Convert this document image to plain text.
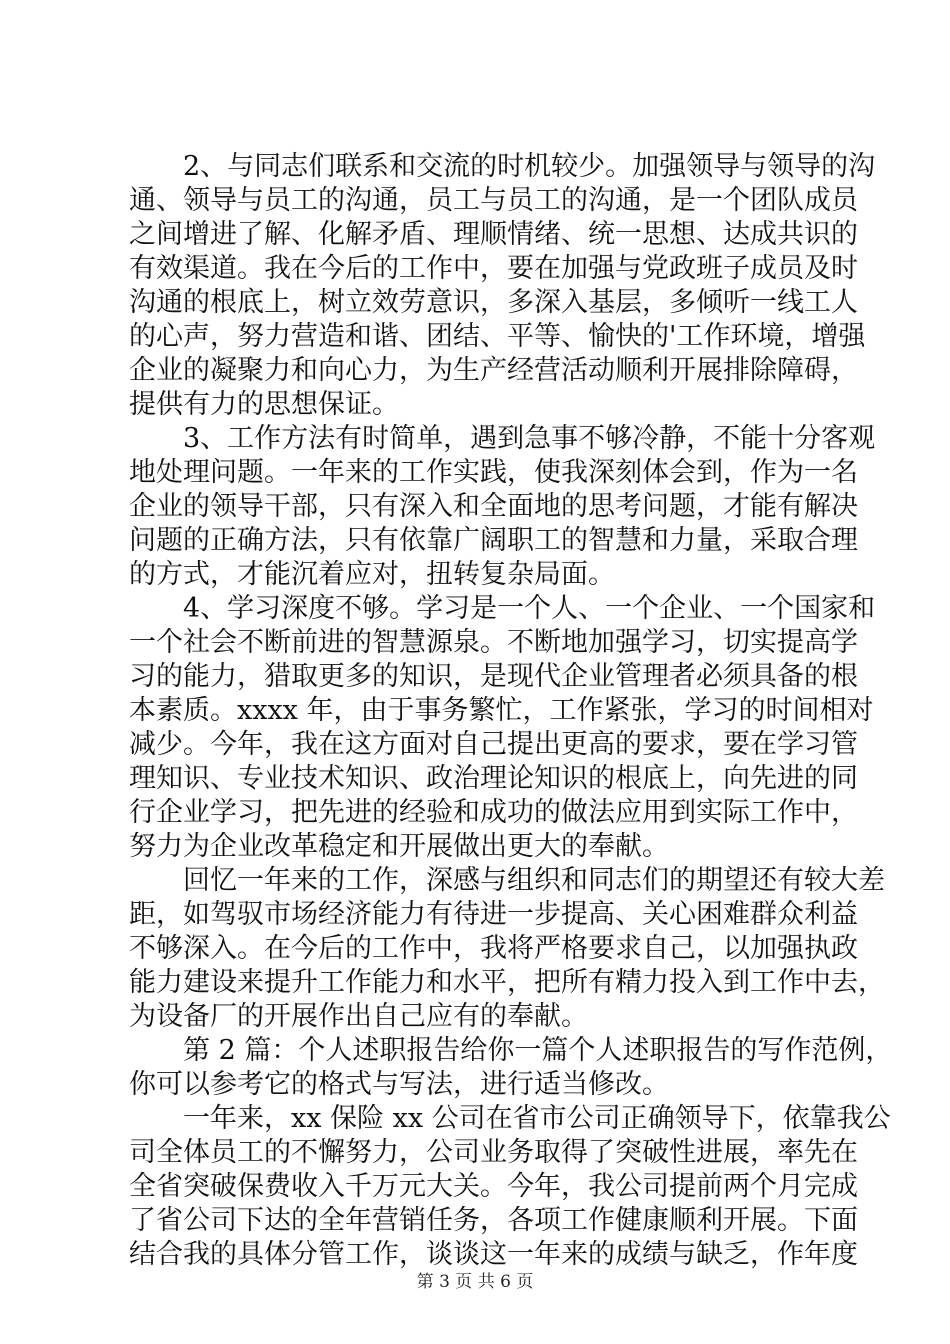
2、与同志们联系和交流的时机较少。加强领导与领导的沟
通、领导与员工的沟通，员工与员工的沟通，是一个团队成员
之间增进了解、化解矛盾、理顺情绪、统一思想、达成共识的
有效渠道。我在今后的工作中，要在加强与党政班子成员及时
沟通的根底上，树立效劳意识，多深入基层，多倾听一线工人
的心声，努力营造和谐、团结、平等、愉快的'工作环境，增强
企业的凝聚力和向心力，为生产经营活动顺利开展排除障碍，
提供有力的思想保证。
3、工作方法有时简单，遇到急事不够冷静，不能十分客观
地处理问题。一年来的工作实践，使我深刻体会到，作为一名
企业的领导干部，只有深入和全面地的思考问题，才能有解决
问题的正确方法，只有依靠广阔职工的智慧和力量，采取合理
的方式，才能沉着应对，扭转复杂局面。
4、学习深度不够。学习是一个人、一个企业、一个国家和
一个社会不断前进的智慧源泉。不断地加强学习，切实提高学
习的能力，猎取更多的知识，是现代企业管理者必须具备的根
本素质。xxxx 年，由于事务繁忙，工作紧张，学习的时间相对
减少。今年，我在这方面对自己提出更高的要求，要在学习管
理知识、专业技术知识、政治理论知识的根底上，向先进的同
行企业学习，把先进的经验和成功的做法应用到实际工作中，
努力为企业改革稳定和开展做出更大的奉献。
回忆一年来的工作，深感与组织和同志们的期望还有较大差
距，如驾驭市场经济能力有待进一步提高、关心困难群众利益
不够深入。在今后的工作中，我将严格要求自己，以加强执政
能力建设来提升工作能力和水平，把所有精力投入到工作中去，
为设备厂的开展作出自己应有的奉献。
第 2 篇：个人述职报告给你一篇个人述职报告的写作范例，
你可以参考它的格式与写法，进行适当修改。
一年来，xx 保险 xx 公司在省市公司正确领导下，依靠我公
司全体员工的不懈努力，公司业务取得了突破性进展，率先在
全省突破保费收入千万元大关。今年，我公司提前两个月完成
了省公司下达的全年营销任务，各项工作健康顺利开展。下面
结合我的具体分管工作，谈谈这一年来的成绩与缺乏，作年度
第 3 页 共 6 页
